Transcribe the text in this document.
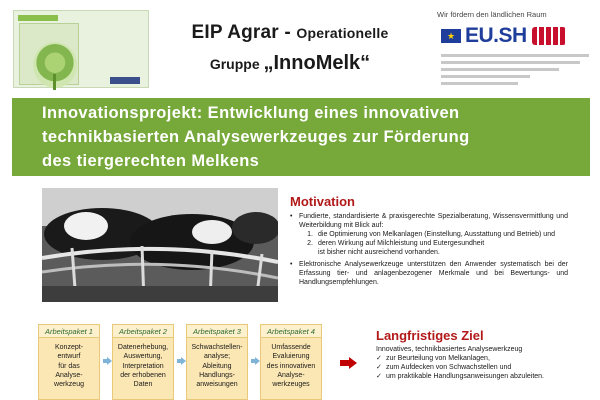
EIP Agrar - Operationelle
Gruppe „InnoMelk“
Wir fördern den ländlichen Raum
★ EU.SH
Innovationsprojekt: Entwicklung eines innovativen
technikbasierten Analysewerkzeuges zur Förderung
des tiergerechten Melkens
Motivation
• Fundierte, standardisierte & praxisgerechte Spezialberatung, Wissensvermittlung und Weiterbildung mit Blick auf:

1. die Optimierung von Melkanlagen (Einstellung, Ausstattung und Betrieb) und
2. deren Wirkung auf Milchleistung und Eutergesundheit
ist bisher nicht ausreichend vorhanden.
• Elektronische Analysewerkzeuge unterstützen den Anwender systematisch bei der Erfassung tier- und anlagenbezogener Merkmale und bei Bewertungs- und Handlungsempfehlungen.

Arbeitspaket 1
Konzept-
entwurf
für das
Analyse-
werkzeug
Arbeitspaket 2
Datenerhebung,
Auswertung,
Interpretation
der erhobenen
Daten
Arbeitspaket 3
Schwachstellen-
analyse;
Ableitung
Handlungs-
anweisungen
Arbeitspaket 4
Umfassende
Evaluierung
des innovativen
Analyse-
werkzeuges
Langfristiges Ziel
Innovatives, technikbasiertes Analysewerkzeug
✓ zur Beurteilung von Melkanlagen,
✓ zum Aufdecken von Schwachstellen und
✓ um praktikable Handlungsanweisungen abzuleiten.
